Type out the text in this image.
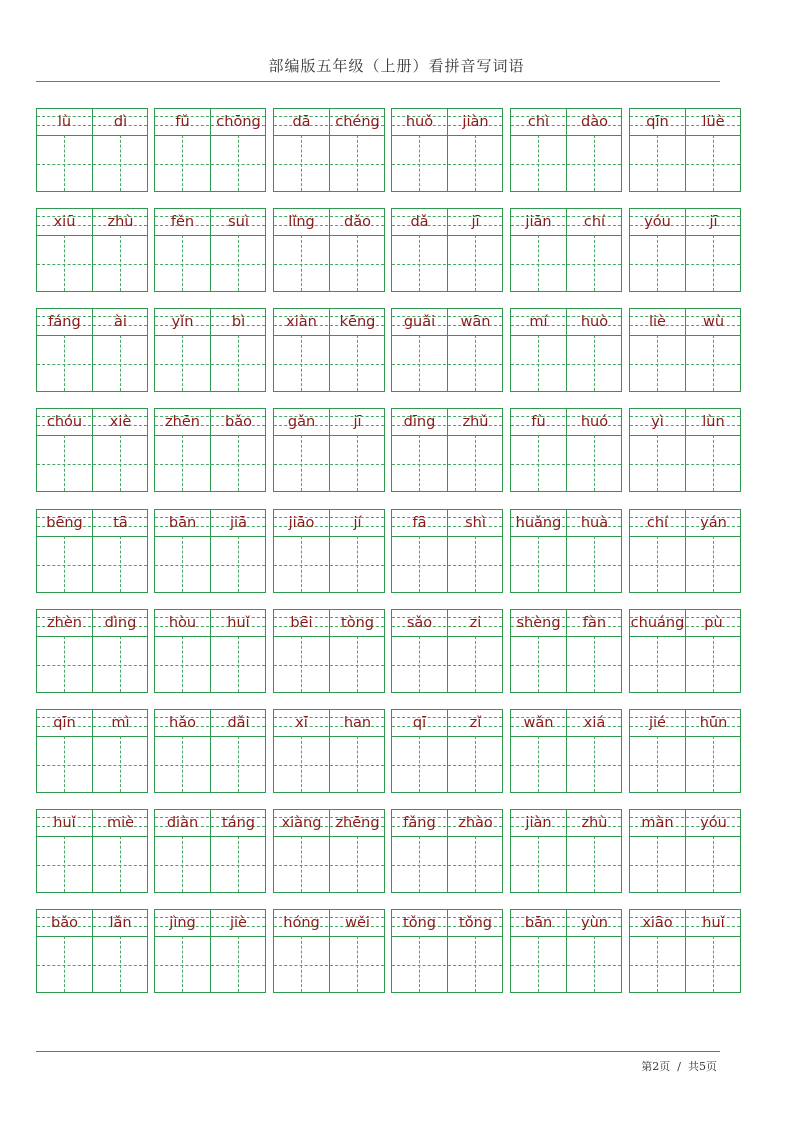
部编版五年级（上册）看拼音写词语
lù	dì	fǔ	chōng	dā	chéng	huǒ	jiàn	chì	dào	qīn	lüè
xiū	zhù	fěn	suì	lǐng	dǎo	dǎ	jī	jiān	chí	yóu	jī
fáng	ài	yǐn	bì	xiàn	kēng	guǎi	wān	mí	huò	liè	wù
chóu	xiè	zhēn	bǎo	gǎn	jī	dīng	zhǔ	fù	huó	yì	lùn
bēng	tā	bān	jiā	jiāo	jí	fā	shì	huǎng	huà	chí	yán
zhèn	dìng	hòu	huǐ	bēi	tòng	sǎo	zi	shèng	fàn	chuáng	pù
qīn	mì	hǎo	dǎi	xī	han	qī	zǐ	wǎn	xiá	jié	hūn
huǐ	miè	diàn	táng	xiàng zhēng	fǎng	zhào	jiàn	zhù	màn	yóu
bǎo	lǎn	jìng	jiè	hóng	wěi	tǒng	tǒng	bān	yùn	xiāo	huǐ
第2页  /  共5页
